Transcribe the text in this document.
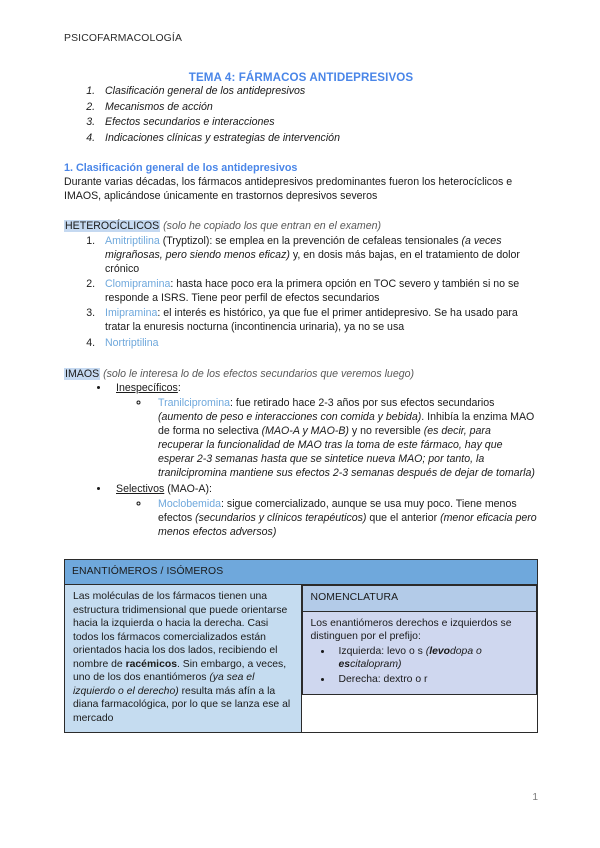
PSICOFARMACOLOGÍA
TEMA 4: FÁRMACOS ANTIDEPRESIVOS
1. Clasificación general de los antidepresivos
2. Mecanismos de acción
3. Efectos secundarios e interacciones
4. Indicaciones clínicas y estrategias de intervención
1. Clasificación general de los antidepresivos

Durante varias décadas, los fármacos antidepresivos predominantes fueron los heterocíclicos e IMAOS, aplicándose únicamente en trastornos depresivos severos

HETEROCÍCLICOS (solo he copiado los que entran en el examen)
1. Amitriptilina (Tryptizol): se emplea en la prevención de cefaleas tensionales (a veces migrañosas, pero siendo menos eficaz) y, en dosis más bajas, en el tratamiento de dolor crónico
2. Clomipramina: hasta hace poco era la primera opción en TOC severo y también si no se responde a ISRS. Tiene peor perfil de efectos secundarios
3. Imipramina: el interés es histórico, ya que fue el primer antidepresivo. Se ha usado para tratar la enuresis nocturna (incontinencia urinaria), ya no se usa
4. Nortriptilina
IMAOS (solo le interesa lo de los efectos secundarios que veremos luego)
• Inespecíficos:
◦ Tranilcipromina: fue retirado hace 2-3 años por sus efectos secundarios (aumento de peso e interacciones con comida y bebida). Inhibía la enzima MAO de forma no selectiva (MAO-A y MAO-B) y no reversible (es decir, para recuperar la funcionalidad de MAO tras la toma de este fármaco, hay que esperar 2-3 semanas hasta que se sintetice nueva MAO; por tanto, la tranilcipromina mantiene sus efectos 2-3 semanas después de dejar de tomarla)
• Selectivos (MAO-A):
◦ Moclobemida: sigue comercializado, aunque se usa muy poco. Tiene menos efectos (secundarios y clínicos terapéuticos) que el anterior (menor eficacia pero menos efectos adversos)
ENANTIÓMEROS / ISÓMEROS
Las moléculas de los fármacos tienen una estructura tridimensional que puede orientarse hacia la izquierda o hacia la derecha. Casi todos los fármacos comercializados están orientados hacia los dos lados, recibiendo el nombre de racémicos. Sin embargo, a veces, uno de los dos enantiómeros (ya sea el izquierdo o el derecho) resulta más afín a la diana farmacológica, por lo que se lanza ese al mercado	
NOMENCLATURA
Los enantiómeros derechos e izquierdos se distinguen por el prefijo:
• Izquierda: levo o s (levodopa o escitalopram)
• Derecha: dextro o r
1
